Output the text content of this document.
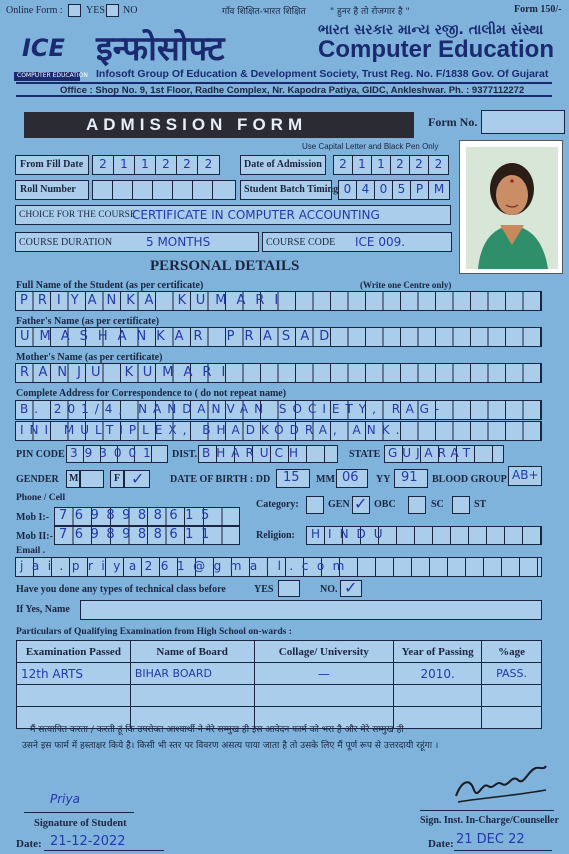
Online Form : YES NO	गाँव शिक्षित-भारत शिक्षित	" हुनर है तो रोजगार है "	Form 150/-
ICE
COMPUTER EDUCATION
इन्फोसोफ्ट	ભારત સરકાર માન્ય રજી. તાલીમ સંસ્થા
Computer Education
Infosoft Group Of Education & Development Society, Trust Reg. No. F/1838 Gov. Of Gujarat
Office : Shop No. 9, 1st Floor, Radhe Complex, Nr. Kapodra Patiya, GIDC, Ankleshwar. Ph. : 9377112272
ADMISSION FORM	Form No.
Use Capital Letter and Black Pen Only
From Fill Date	2	1	1	2	2	2	Date of Admission	2 1 1 2 2 2
Roll Number	Student Batch Timing 0 4 0 5 P M
CHOICE FOR THE COURSE
CERTIFICATE IN COMPUTER ACCOUNTING
COURSE DURATION	5 MONTHS	COURSE CODE ICE 009.
PERSONAL DETAILS
Full Name of the Student (as per certificate)	(Write one Centre only)
PRIYANKA KUMARI
Father's Name (as per certificate)
UMASHANKAR PRASAD
Mother's Name (as per certificate)
RANJU KUMARI
Complete Address for Correspondence to ( do not repeat name)
B. 201/4, NANDANVAN SOCIETY, RAG-
INI MULTIPLEX, BHADKODRA, ANK.
PIN CODE 393001 DIST. BHARUCH	STATE GUJARAT
GENDER M	F ✓	DATE OF BIRTH : DD 15 MM 06 YY 91 BLOOD GROUP AB+
Phone / Cell
Mob I:- 7698988615
Mob II:- 7698988611
Category:	GEN ✓ OBC	SC	ST
Religion: HINDU
Email .
jai.priya261@gmail.com
Have you done any types of technical class before	YES	NO. ✓
If Yes, Name
Particulars of Qualifying Examination from High School on-wards :
Examination Passed	Name of Board	Collage/ University	Year of Passing	%age
12th ARTS	BIHAR BOARD	—	2010.	PASS.

मैं सत्यापित करता / करती हूं कि उपरोक्त आश्यार्थी ने मेरे सम्मुख ही इस आवेदन फार्म को भरा है और मेरे सम्मुख ही
उसने इस फार्म में हस्ताक्षर किये है। किसी भी स्तर पर विवरण असत्य पाया जाता है तो उसके लिए मैं पूर्ण रूप से उत्तरदायी रहूंगा ।
Priya
Signature of Student
Date: 21-12-2022
Sign. Inst. In-Charge/Counseller
Date: 21 DEC 22
